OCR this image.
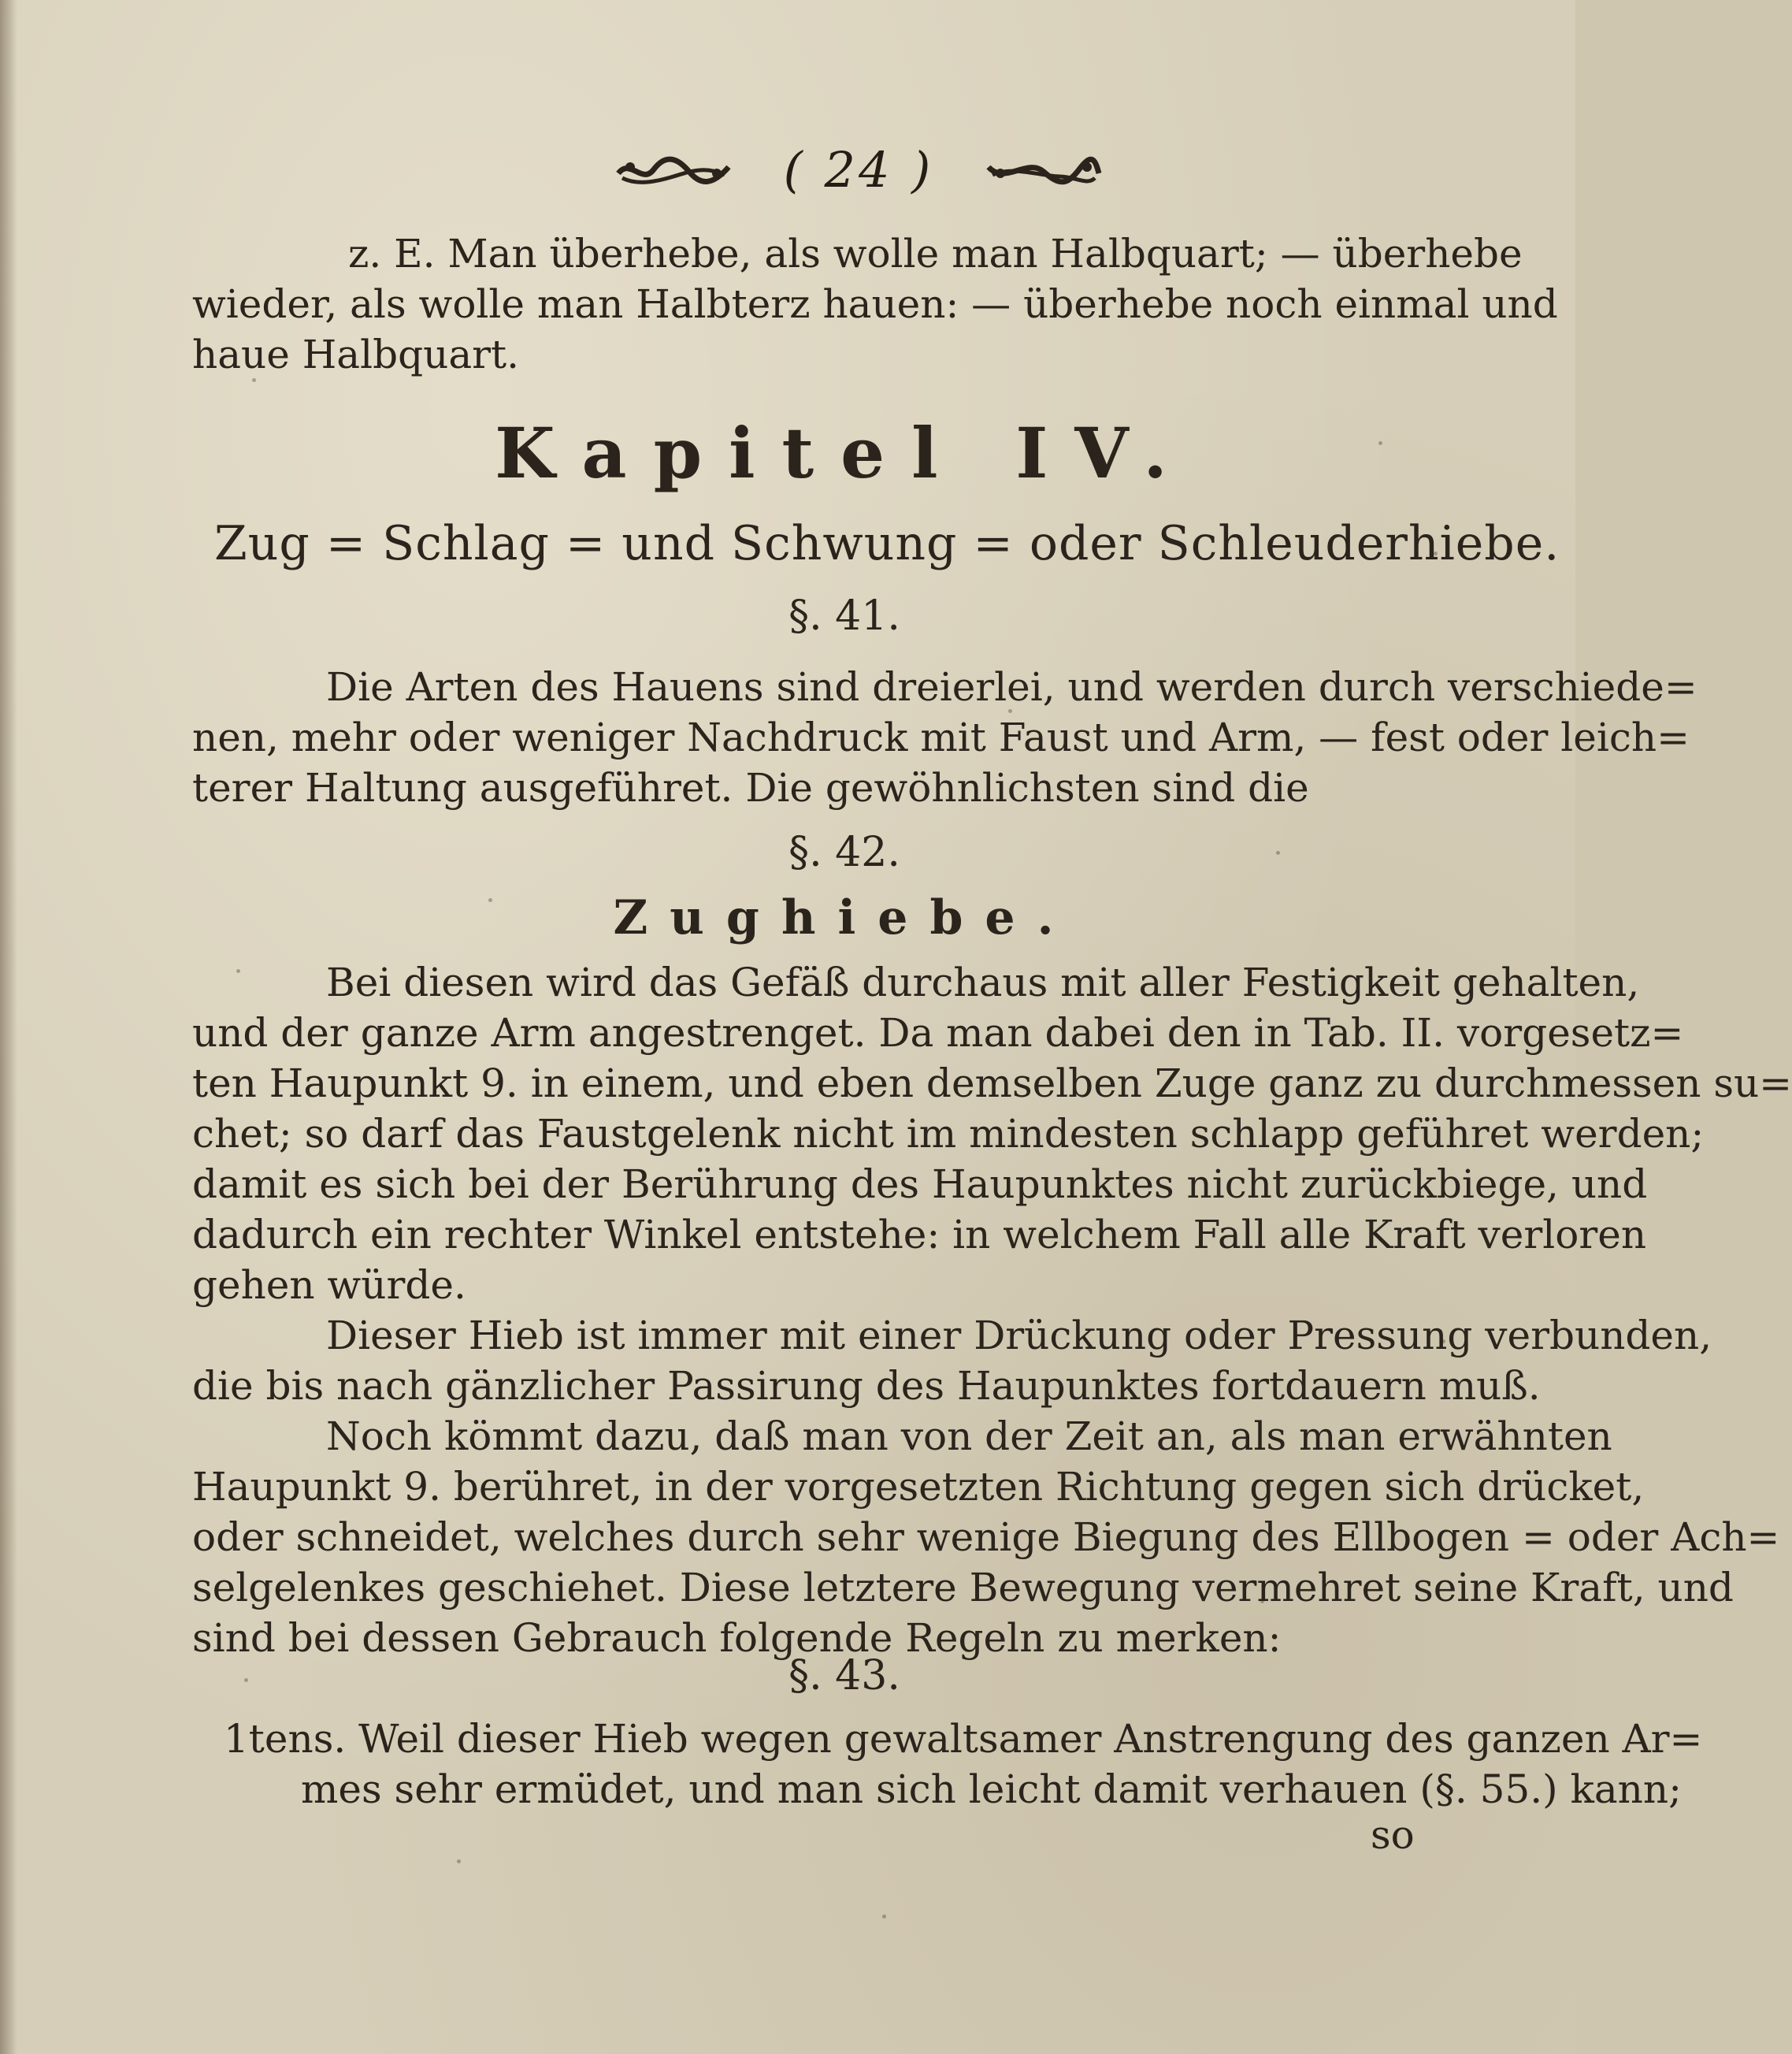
( 24 )
z. E. Man überhebe, als wolle man Halbquart; — überhebe
wieder, als wolle man Halbterz hauen: — überhebe noch einmal und
haue Halbquart.
Kapitel IV.
Zug = Schlag = und Schwung = oder Schleuderhiebe.
§. 41.
Die Arten des Hauens sind dreierlei, und werden durch verschiede=
nen, mehr oder weniger Nachdruck mit Faust und Arm, — fest oder leich=
terer Haltung ausgeführet. Die gewöhnlichsten sind die
§. 42.
Zughiebe.
Bei diesen wird das Gefäß durchaus mit aller Festigkeit gehalten,
und der ganze Arm angestrenget. Da man dabei den in Tab. II. vorgesetz=
ten Haupunkt 9. in einem, und eben demselben Zuge ganz zu durchmessen su=
chet; so darf das Faustgelenk nicht im mindesten schlapp geführet werden;
damit es sich bei der Berührung des Haupunktes nicht zurückbiege, und
dadurch ein rechter Winkel entstehe: in welchem Fall alle Kraft verloren
gehen würde.
Dieser Hieb ist immer mit einer Drückung oder Pressung verbunden,
die bis nach gänzlicher Passirung des Haupunktes fortdauern muß.
Noch kömmt dazu, daß man von der Zeit an, als man erwähnten
Haupunkt 9. berühret, in der vorgesetzten Richtung gegen sich drücket,
oder schneidet, welches durch sehr wenige Biegung des Ellbogen = oder Ach=
selgelenkes geschiehet. Diese letztere Bewegung vermehret seine Kraft, und
sind bei dessen Gebrauch folgende Regeln zu merken:
§. 43.
1tens. Weil dieser Hieb wegen gewaltsamer Anstrengung des ganzen Ar=
mes sehr ermüdet, und man sich leicht damit verhauen (§. 55.) kann;
so
